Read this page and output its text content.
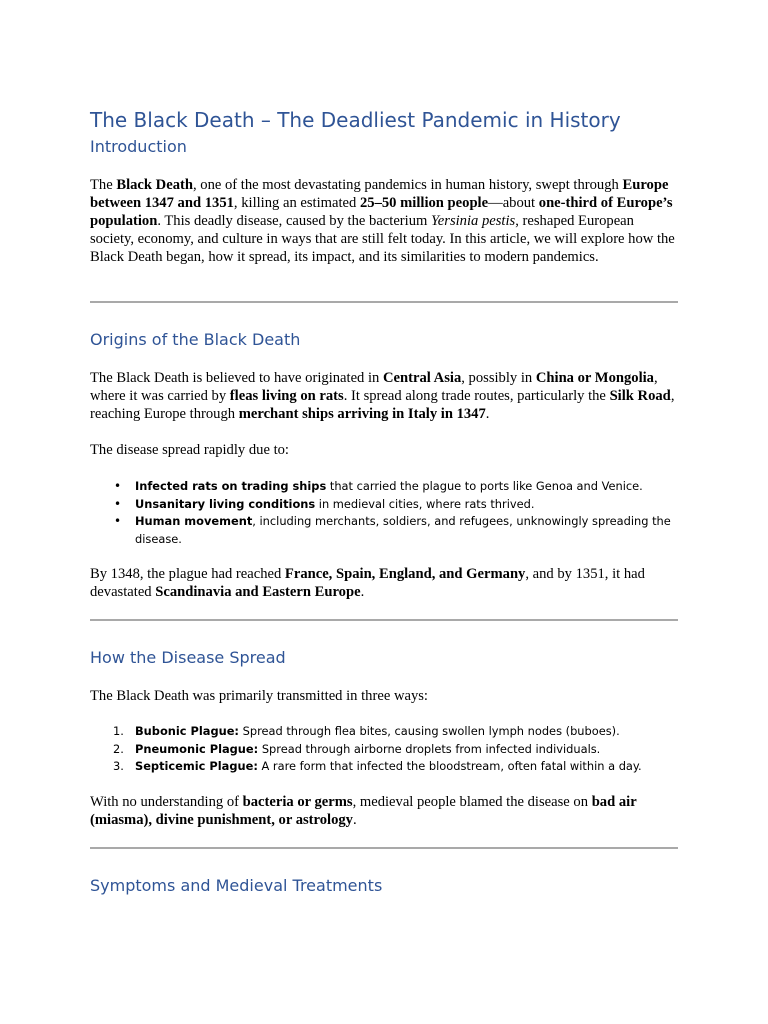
The Black Death – The Deadliest Pandemic in History
Introduction

The Black Death, one of the most devastating pandemics in human history, swept through Europe between 1347 and 1351, killing an estimated 25–50 million people—about one-third of Europe’s population. This deadly disease, caused by the bacterium Yersinia pestis, reshaped European society, economy, and culture in ways that are still felt today. In this article, we will explore how the Black Death began, how it spread, its impact, and its similarities to modern pandemics.

Origins of the Black Death

The Black Death is believed to have originated in Central Asia, possibly in China or Mongolia, where it was carried by fleas living on rats. It spread along trade routes, particularly the Silk Road, reaching Europe through merchant ships arriving in Italy in 1347.

The disease spread rapidly due to:

• Infected rats on trading ships that carried the plague to ports like Genoa and Venice.
• Unsanitary living conditions in medieval cities, where rats thrived.
• Human movement, including merchants, soldiers, and refugees, unknowingly spreading the disease.

By 1348, the plague had reached France, Spain, England, and Germany, and by 1351, it had devastated Scandinavia and Eastern Europe.

How the Disease Spread

The Black Death was primarily transmitted in three ways:

1. Bubonic Plague: Spread through flea bites, causing swollen lymph nodes (buboes).
2. Pneumonic Plague: Spread through airborne droplets from infected individuals.
3. Septicemic Plague: A rare form that infected the bloodstream, often fatal within a day.

With no understanding of bacteria or germs, medieval people blamed the disease on bad air (miasma), divine punishment, or astrology.

Symptoms and Medieval Treatments
